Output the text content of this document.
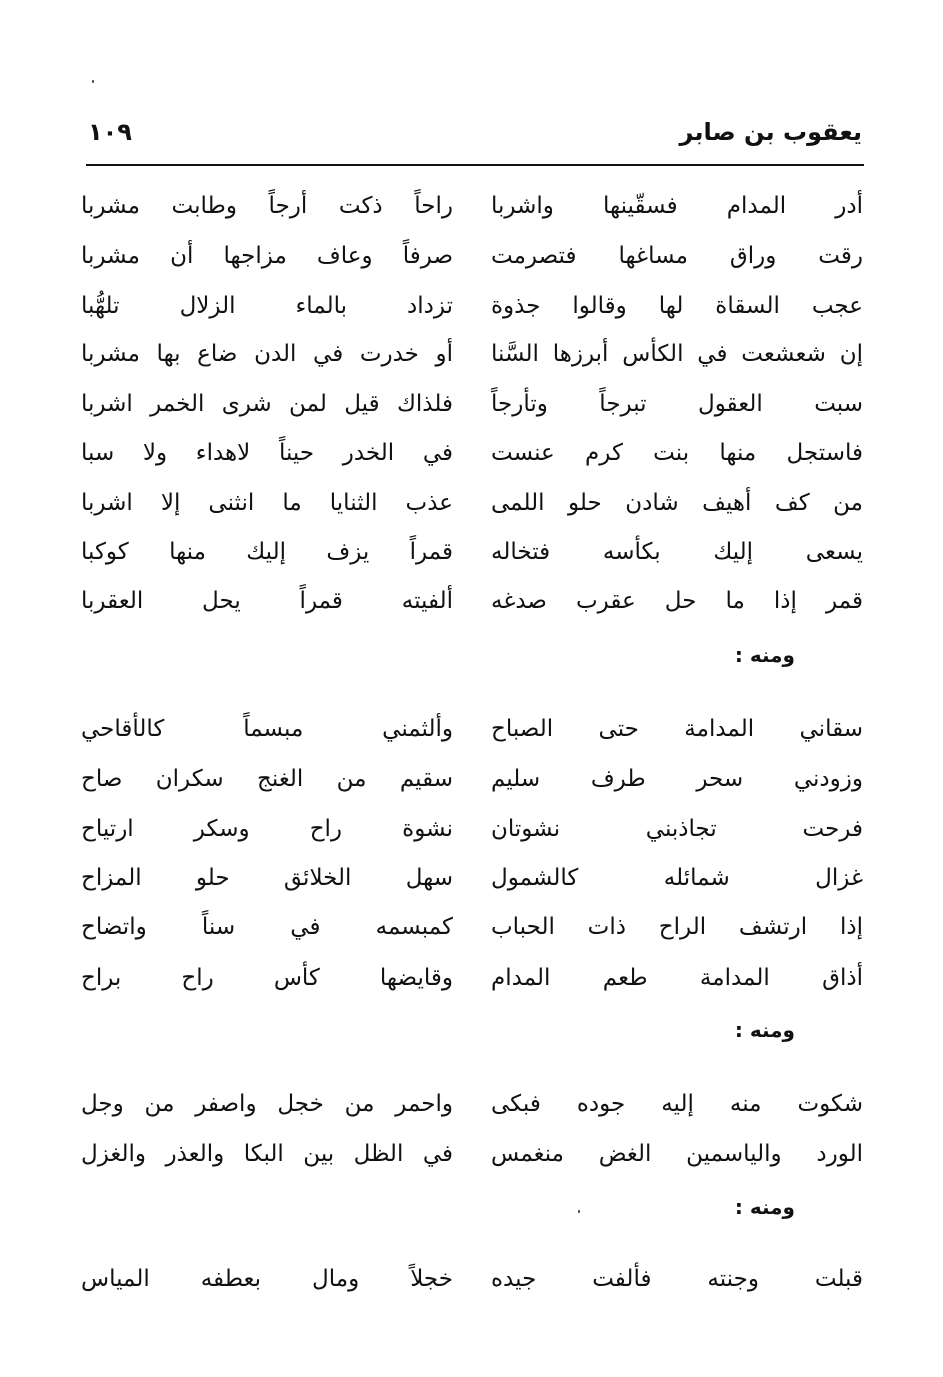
يعقوب بن صابر
١٠٩
أدر المدام فسقّينها واشربا
راحاً ذكت أرجاً وطابت مشربا
رقت وراق مساغها فتصرمت
صرفاً وعاف مزاجها أن مشربا
عجب السقاة لها وقالوا جذوة
تزداد بالماء الزلال تلهُّبا
إن شعشعت في الكأس أبرزها السَّنا
أو خدرت في الدن ضاع بها مشربا
سبت العقول تبرجاً وتأرجاً
فلذاك قيل لمن شرى الخمر اشربا
فاستجل منها بنت كرم عنست
في الخدر حيناً لاهداء ولا سبا
من كف أهيف شادن حلو اللمى
عذب الثنايا ما انثنى إلا اشربا
يسعى إليك بكأسه فتخاله
قمراً يزف إليك منها كوكبا
قمر إذا ما حل عقرب صدغه
ألفيته قمراً يحل العقربا
ومنه :
سقاني المدامة حتى الصباح
وألثمني مبسماً كالأقاحي
وزودني سحر طرف سليم
سقيم من الغنج سكران صاح
فرحت تجاذبني نشوتان
نشوة راح وسكر ارتياح
غزال شمائله كالشمول
سهل الخلائق حلو المزاح
إذا ارتشف الراح ذات الحباب
كمبسمه في سناً واتضاح
أذاق المدامة طعم المدام
وقايضها كأس راح براح
ومنه :
شكوت منه إليه جوده فبكى
واحمر من خجل واصفر من وجل
الورد والياسمين الغض منغمس
في الظل بين البكا والعذر والغزل
ومنه :
قبلت وجنته فألفت جيده
خجلاً ومال بعطفه المياس
